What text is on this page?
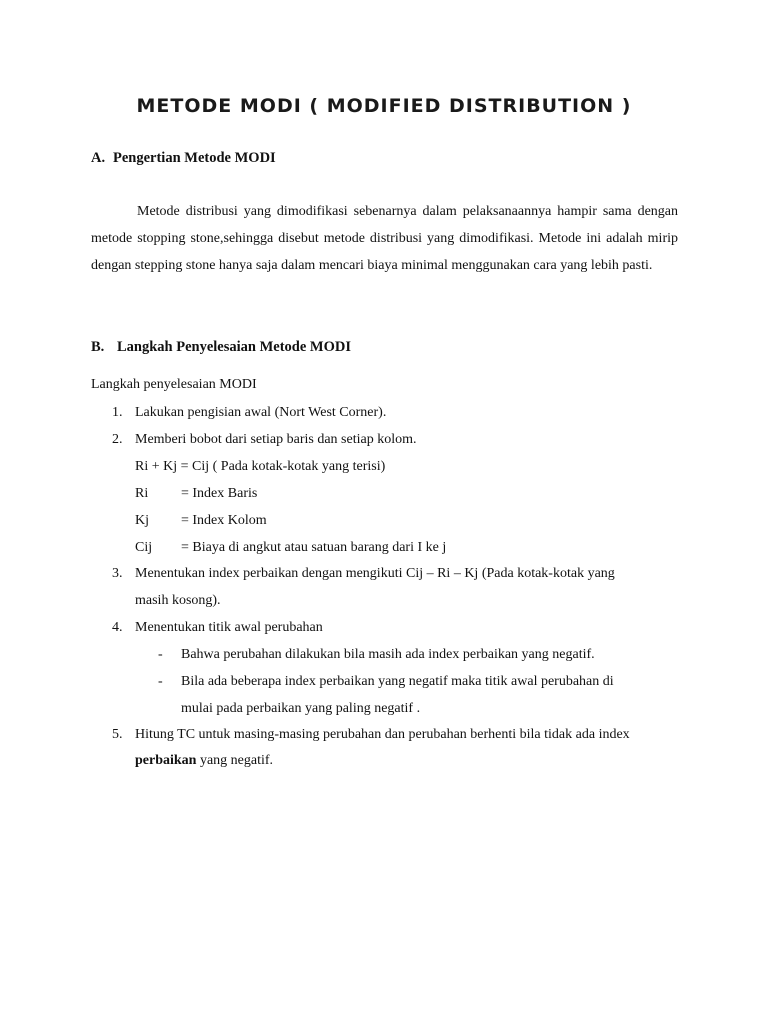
METODE MODI ( MODIFIED DISTRIBUTION )
A. Pengertian Metode MODI
Metode distribusi yang dimodifikasi sebenarnya dalam pelaksanaannya hampir sama dengan metode stopping stone,sehingga disebut metode distribusi yang dimodifikasi. Metode ini adalah mirip dengan stepping stone hanya saja dalam mencari biaya minimal menggunakan cara yang lebih pasti.
B. Langkah Penyelesaian Metode MODI
Langkah penyelesaian MODI
1. Lakukan pengisian awal (Nort West Corner).
2. Memberi bobot dari setiap baris dan setiap kolom.
Ri + Kj = Cij ( Pada kotak-kotak yang terisi)
Ri = Index Baris
Kj = Index Kolom
Cij = Biaya di angkut atau satuan barang dari I ke j
3. Menentukan index perbaikan dengan mengikuti Cij – Ri – Kj (Pada kotak-kotak yang
masih kosong).
4. Menentukan titik awal perubahan
- Bahwa perubahan dilakukan bila masih ada index perbaikan yang negatif.
- Bila ada beberapa index perbaikan yang negatif maka titik awal perubahan di
mulai pada perbaikan yang paling negatif .
5. Hitung TC untuk masing-masing perubahan dan perubahan berhenti bila tidak ada index
perbaikan yang negatif.
